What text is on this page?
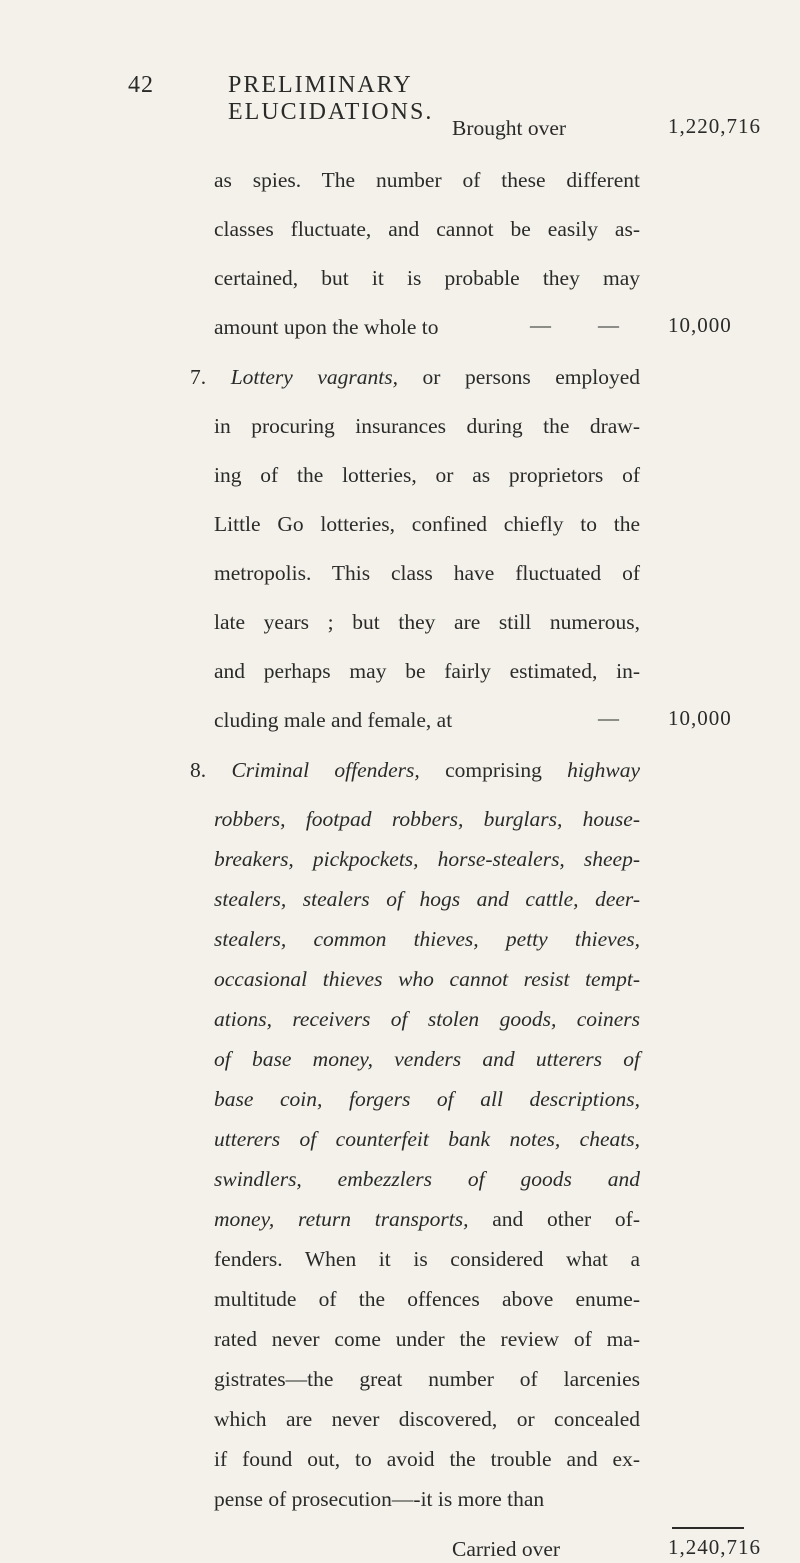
42	PRELIMINARY ELUCIDATIONS.
Brought over	1,220,716
as spies. The number of these different
classes fluctuate, and cannot be easily as-
certained, but it is probable they may
amount upon the whole to	— — 10,000
7. Lottery vagrants, or persons employed
in procuring insurances during the draw-
ing of the lotteries, or as proprietors of
Little Go lotteries, confined chiefly to the
metropolis. This class have fluctuated of
late years ; but they are still numerous,
and perhaps may be fairly estimated, in-
cluding male and female, at	— 10,000
8. Criminal offenders, comprising highway
robbers, footpad robbers, burglars, house-
breakers, pickpockets, horse-stealers, sheep-
stealers, stealers of hogs and cattle, deer-
stealers, common thieves, petty thieves,
occasional thieves who cannot resist tempt-
ations, receivers of stolen goods, coiners
of base money, venders and utterers of
base coin, forgers of all descriptions,
utterers of counterfeit bank notes, cheats,
swindlers, embezzlers of goods and
money, return transports, and other of-
fenders. When it is considered what a
multitude of the offences above enume-
rated never come under the review of ma-
gistrates—the great number of larcenies
which are never discovered, or concealed
if found out, to avoid the trouble and ex-
pense of prosecution—-it is more than
Carried over	1,240,716
